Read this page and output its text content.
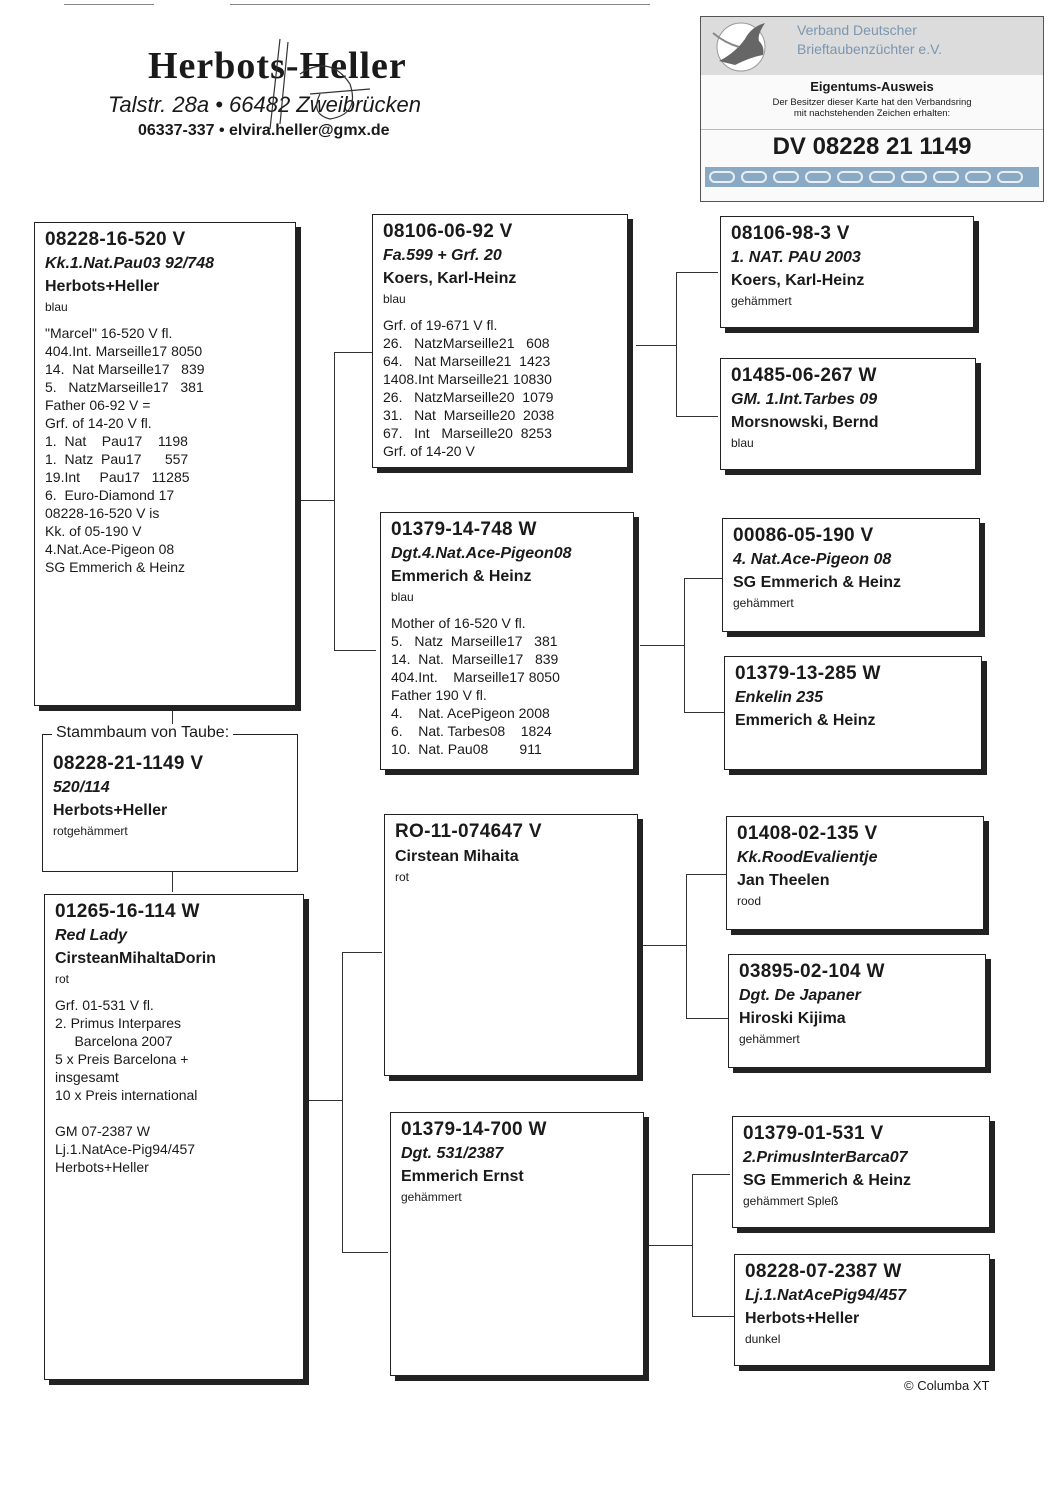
Herbots-Heller
Talstr. 28a • 66482 Zweibrücken
06337-337 • elvira.heller@gmx.de
Verband Deutscher
Brieftaubenzüchter e.V.
Eigentums-Ausweis
Der Besitzer dieser Karte hat den Verbandsring
mit nachstehenden Zeichen erhalten:
DV 08228 21 1149
08228-16-520 V
Kk.1.Nat.Pau03 92/748
Herbots+Heller
blau
"Marcel" 16-520 V fl.
404.Int. Marseille17 8050
14.  Nat Marseille17   839
5.   NatzMarseille17   381
Father 06-92 V =
Grf. of 14-20 V fl.
1.  Nat    Pau17    1198
1.  Natz  Pau17      557
19.Int     Pau17   11285
6.  Euro-Diamond 17
08228-16-520 V is
Kk. of 05-190 V
4.Nat.Ace-Pigeon 08
SG Emmerich & Heinz
08228-21-1149 V
520/114
Herbots+Heller
rotgehämmert
Stammbaum von Taube:
01265-16-114 W
Red Lady
CirsteanMihaltaDorin
rot
Grf. 01-531 V fl.
2. Primus Interpares
Barcelona 2007
5 x Preis Barcelona +
insgesamt
10 x Preis international

GM 07-2387 W
Lj.1.NatAce-Pig94/457
Herbots+Heller
08106-06-92 V
Fa.599 + Grf. 20
Koers, Karl-Heinz
blau
Grf. of 19-671 V fl.
26.   NatzMarseille21   608
64.   Nat Marseille21  1423
1408.Int Marseille21 10830
26.   NatzMarseille20  1079
31.   Nat  Marseille20  2038
67.   Int   Marseille20  8253
Grf. of 14-20 V
01379-14-748 W
Dgt.4.Nat.Ace-Pigeon08
Emmerich & Heinz
blau
Mother of 16-520 V fl.
5.   Natz  Marseille17   381
14.  Nat.  Marseille17   839
404.Int.    Marseille17 8050
Father 190 V fl.
4.    Nat. AcePigeon 2008
6.    Nat. Tarbes08    1824
10.  Nat. Pau08        911
RO-11-074647 V
Cirstean Mihaita
rot
01379-14-700 W
Dgt. 531/2387
Emmerich Ernst
gehämmert
08106-98-3 V
1. NAT. PAU 2003
Koers, Karl-Heinz
gehämmert
01485-06-267 W
GM. 1.Int.Tarbes 09
Morsnowski, Bernd
blau
00086-05-190 V
4. Nat.Ace-Pigeon 08
SG Emmerich & Heinz
gehämmert
01379-13-285 W
Enkelin 235
Emmerich & Heinz
01408-02-135 V
Kk.RoodEvalientje
Jan Theelen
rood
03895-02-104 W
Dgt. De Japaner
Hiroski Kijima
gehämmert
01379-01-531 V
2.PrimusInterBarca07
SG Emmerich & Heinz
gehämmert Spleß
08228-07-2387 W
Lj.1.NatAcePig94/457
Herbots+Heller
dunkel
© Columba XT
